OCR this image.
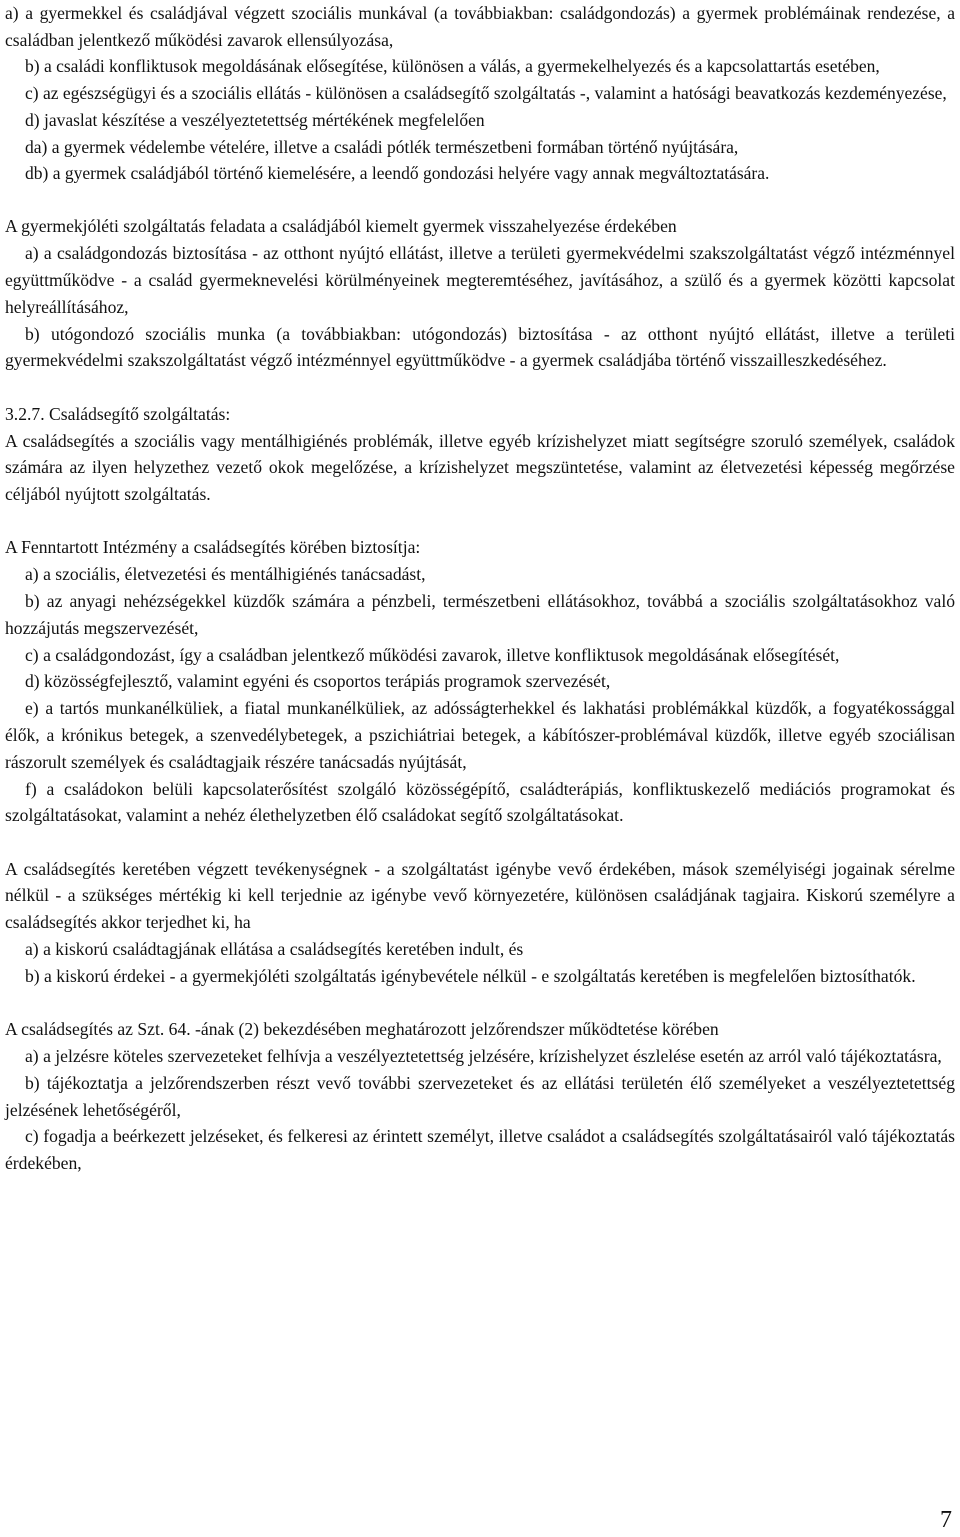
a) a gyermekkel és családjával végzett szociális munkával (a továbbiakban: családgondozás) a gyermek problémáinak rendezése, a családban jelentkező működési zavarok ellensúlyozása,

b) a családi konfliktusok megoldásának elősegítése, különösen a válás, a gyermekelhelyezés és a kapcsolattartás esetében,

c) az egészségügyi és a szociális ellátás - különösen a családsegítő szolgáltatás -, valamint a hatósági beavatkozás kezdeményezése,

d) javaslat készítése a veszélyeztetettség mértékének megfelelően

da) a gyermek védelembe vételére, illetve a családi pótlék természetbeni formában történő nyújtására,

db) a gyermek családjából történő kiemelésére, a leendő gondozási helyére vagy annak megváltoztatására.

A gyermekjóléti szolgáltatás feladata a családjából kiemelt gyermek visszahelyezése érdekében

a) a családgondozás biztosítása - az otthont nyújtó ellátást, illetve a területi gyermekvédelmi szakszolgáltatást végző intézménnyel együttműködve - a család gyermeknevelési körülményeinek megteremtéséhez, javításához, a szülő és a gyermek közötti kapcsolat helyreállításához,

b) utógondozó szociális munka (a továbbiakban: utógondozás) biztosítása - az otthont nyújtó ellátást, illetve a területi gyermekvédelmi szakszolgáltatást végző intézménnyel együttműködve - a gyermek családjába történő visszailleszkedéséhez.

3.2.7. Családsegítő szolgáltatás:

A családsegítés a szociális vagy mentálhigiénés problémák, illetve egyéb krízishelyzet miatt segítségre szoruló személyek, családok számára az ilyen helyzethez vezető okok megelőzése, a krízishelyzet megszüntetése, valamint az életvezetési képesség megőrzése céljából nyújtott szolgáltatás.

A Fenntartott Intézmény a családsegítés körében biztosítja:

a) a szociális, életvezetési és mentálhigiénés tanácsadást,

b) az anyagi nehézségekkel küzdők számára a pénzbeli, természetbeni ellátásokhoz, továbbá a szociális szolgáltatásokhoz való hozzájutás megszervezését,

c) a családgondozást, így a családban jelentkező működési zavarok, illetve konfliktusok megoldásának elősegítését,

d) közösségfejlesztő, valamint egyéni és csoportos terápiás programok szervezését,

e) a tartós munkanélküliek, a fiatal munkanélküliek, az adósságterhekkel és lakhatási problémákkal küzdők, a fogyatékossággal élők, a krónikus betegek, a szenvedélybetegek, a pszichiátriai betegek, a kábítószer-problémával küzdők, illetve egyéb szociálisan rászorult személyek és családtagjaik részére tanácsadás nyújtását,

f) a családokon belüli kapcsolaterősítést szolgáló közösségépítő, családterápiás, konfliktuskezelő mediációs programokat és szolgáltatásokat, valamint a nehéz élethelyzetben élő családokat segítő szolgáltatásokat.

A családsegítés keretében végzett tevékenységnek - a szolgáltatást igénybe vevő érdekében, mások személyiségi jogainak sérelme nélkül - a szükséges mértékig ki kell terjednie az igénybe vevő környezetére, különösen családjának tagjaira. Kiskorú személyre a családsegítés akkor terjedhet ki, ha

a) a kiskorú családtagjának ellátása a családsegítés keretében indult, és

b) a kiskorú érdekei - a gyermekjóléti szolgáltatás igénybevétele nélkül - e szolgáltatás keretében is megfelelően biztosíthatók.

A családsegítés az Szt. 64. -ának (2) bekezdésében meghatározott jelzőrendszer működtetése körében

a) a jelzésre köteles szervezeteket felhívja a veszélyeztetettség jelzésére, krízishelyzet észlelése esetén az arról való tájékoztatásra,

b) tájékoztatja a jelzőrendszerben részt vevő további szervezeteket és az ellátási területén élő személyeket a veszélyeztetettség jelzésének lehetőségéről,

c) fogadja a beérkezett jelzéseket, és felkeresi az érintett személyt, illetve családot a családsegítés szolgáltatásairól való tájékoztatás érdekében,

7
